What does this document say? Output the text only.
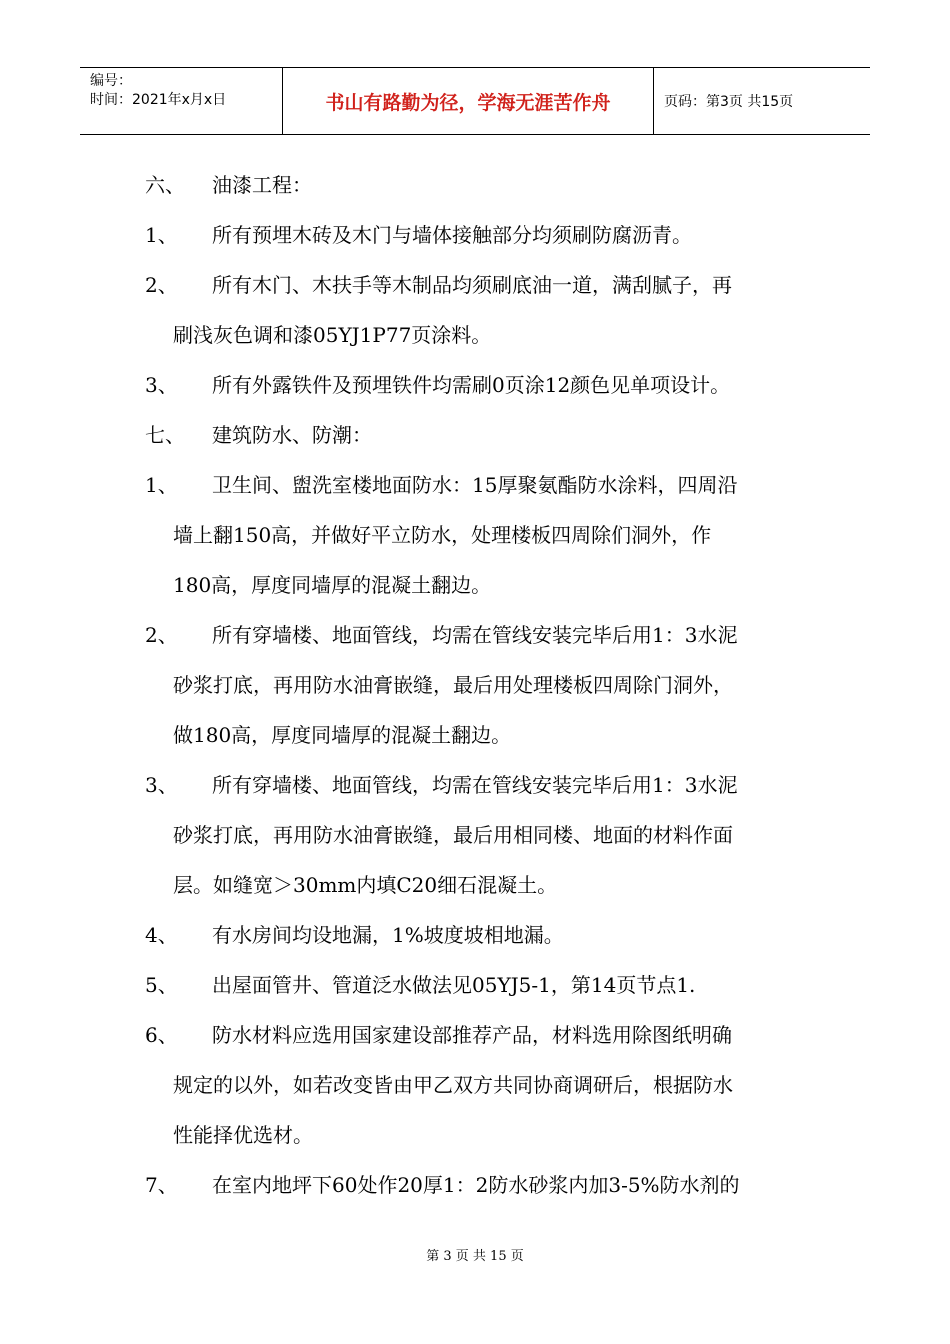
编号：
时间：2021年x月x日	书山有路勤为径，学海无涯苦作舟	页码：第3页 共15页
六、 油漆工程：
1、 所有预埋木砖及木门与墙体接触部分均须刷防腐沥青。
2、 所有木门、木扶手等木制品均须刷底油一道，满刮腻子，再
刷浅灰色调和漆05YJ1P77页涂料。
3、 所有外露铁件及预埋铁件均需刷0页涂12颜色见单项设计。
七、 建筑防水、防潮：
1、 卫生间、盥洗室楼地面防水：15厚聚氨酯防水涂料，四周沿
墙上翻150高，并做好平立防水，处理楼板四周除们洞外，作
180高，厚度同墙厚的混凝土翻边。
2、 所有穿墙楼、地面管线，均需在管线安装完毕后用1：3水泥
砂浆打底，再用防水油膏嵌缝，最后用处理楼板四周除门洞外，
做180高，厚度同墙厚的混凝土翻边。
3、 所有穿墙楼、地面管线，均需在管线安装完毕后用1：3水泥
砂浆打底，再用防水油膏嵌缝，最后用相同楼、地面的材料作面
层。如缝宽＞30mm内填C20细石混凝土。
4、 有水房间均设地漏，1%坡度坡相地漏。
5、 出屋面管井、管道泛水做法见05YJ5-1，第14页节点1.
6、 防水材料应选用国家建设部推荐产品，材料选用除图纸明确
规定的以外，如若改变皆由甲乙双方共同协商调研后，根据防水
性能择优选材。
7、 在室内地坪下60处作20厚1：2防水砂浆内加3-5%防水剂的
第 3 页 共 15 页
